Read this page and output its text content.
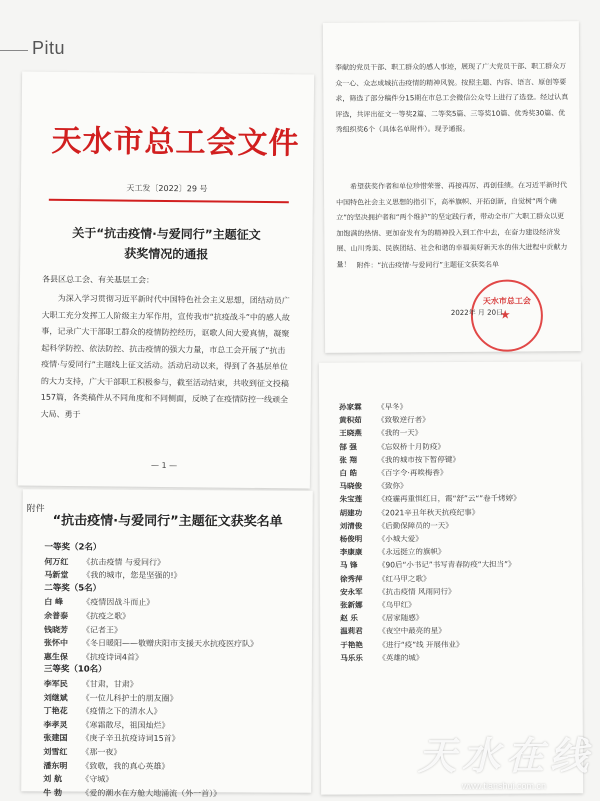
Pitu
天水市总工会文件
天工发〔2022〕29 号
关于“抗击疫情·与爱同行”主题征文
获奖情况的通报
各县区总工会、有关基层工会：

为深入学习贯彻习近平新时代中国特色社会主义思想，团结动员广大职工充分发挥工人阶级主力军作用，宣传我市“抗疫战斗”中的感人故事，记录广大干部职工群众的疫情防控经历，讴歌人间大爱真情，凝聚起科学防控、依法防控、抗击疫情的强大力量，市总工会开展了“抗击疫情·与爱同行”主题线上征文活动。活动启动以来，得到了各基层单位的大力支持，广大干部职工积极参与，截至活动结束，共收到征文投稿157篇，各类稿件从不同角度和不同侧面，反映了在疫情防控一线顽全大局、勇于

— 1 —

奉献的党员干部、职工群众的感人事迹，展现了广大党员干部、职工群众万众一心、众志成城抗击疫情的精神风貌。按照主题、内容、语言、原创等要求，筛选了部分稿件分15期在市总工会微信公众号上进行了选登。经过认真评选，共评出征文一等奖2篇、二等奖5篇、三等奖10篇、优秀奖30篇、优秀组织奖6个（具体名单附件）。现予通报。

希望获奖作者和单位珍惜荣誉、再接再厉、再创佳绩。在习近平新时代中国特色社会主义思想的指引下，高举旗帜、开拓创新，自觉树“两个确立”的坚决拥护者和“两个维护”的坚定践行者，带动全市广大职工群众以更加饱满的热情、更加奋发有为的精神投入到工作中去，在奋力建设经济发展、山川秀美、民族团结、社会和谐的幸福美好新天水的伟大进程中贡献力量！ 附件：“抗击疫情·与爱同行”主题征文获奖名单

天水市总工会
★
2022年 月 20日
附件
“抗击疫情·与爱同行”主题征文获奖名单
一等奖（2名）
何万红 《抗击疫情 与爱同行》
马新堂 《我的城市，您是坚强的!》
二等奖（5名）
白 峰 《疫情因战斗而止》
余普泰 《抗疫之歌》
钱晓芳 《记者王》
张怀中 《冬日暖阳——敬赠庆阳市支援天水抗疫医疗队》
惠生保 《抗疫诗词4首》
三等奖（10名）
李军民 《甘肃，甘肃》
刘继斌 《一位儿科护士的朋友圈》
丁艳花 《疫情之下的清水人》
李孝灵 《寒霜散尽，祖国灿烂》
张建国 《庚子辛丑抗疫诗词15首》
刘雪红 《那一夜》
潘东明 《致敬，我的真心英雄》
刘 航 《守城》
牛 勃 《爱的潮水在方舱大地涌流（外一首）》
孙家霖 《早冬》
黄积茹 《致敬逆行者》
王晓燕 《我的一天》
郜 强	《忘奴桥十月防疫》
张 翔	《我的城市按下暂停键》
白 皓	《百字令·再唉梅香》
马晓俊 《致你》
朱宝莲 《疫霾再重惧红日，霞“舒”云“”卷千烤婷》
胡建功 《2021辛丑年秋天抗疫纪事》
刘清俊 《后勤保障员的一天》
杨俊明 《小城大爱》
李康康 《永远挺立的旗帜》
马 锋	《90后“小书记”书写青春防疫“大担当”》
徐秀萍 《红马甲之歌》
安永军 《抗击疫情 风雨同行》
张新娜 《乌甲红》
赵 乐	《居家随感》
温莉君 《夜空中最亮的星》
于艳艳 《进行“疫”线 开展伟业》
马乐乐 《英雄的城》
天水在线
www.tianshui.com.cn
